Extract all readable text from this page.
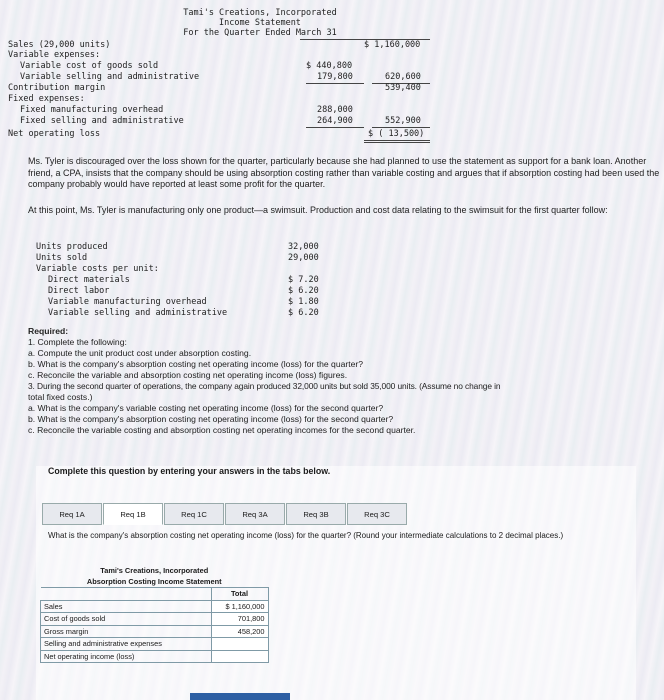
Tami's Creations, Incorporated
Income Statement
For the Quarter Ended March 31
Sales (29,000 units)	$ 1,160,000
Variable expenses:
Variable cost of goods sold	$ 440,800
Variable selling and administrative	179,800	620,600
Contribution margin	539,400
Fixed expenses:
Fixed manufacturing overhead	288,000
Fixed selling and administrative	264,900	552,900
Net operating loss	$ ( 13,500)
Ms. Tyler is discouraged over the loss shown for the quarter, particularly because she had planned to use the statement as support for a bank loan. Another friend, a CPA, insists that the company should be using absorption costing rather than variable costing and argues that if absorption costing had been used the company probably would have reported at least some profit for the quarter.
At this point, Ms. Tyler is manufacturing only one product—a swimsuit. Production and cost data relating to the swimsuit for the first quarter follow:
Units produced	32,000
Units sold	29,000
Variable costs per unit:
Direct materials	$ 7.20
Direct labor	$ 6.20
Variable manufacturing overhead	$ 1.80
Variable selling and administrative	$ 6.20
Required:
1. Complete the following:
a. Compute the unit product cost under absorption costing.
b. What is the company's absorption costing net operating income (loss) for the quarter?
c. Reconcile the variable and absorption costing net operating income (loss) figures.
3. During the second quarter of operations, the company again produced 32,000 units but sold 35,000 units. (Assume no change in
total fixed costs.)
a. What is the company's variable costing net operating income (loss) for the second quarter?
b. What is the company's absorption costing net operating income (loss) for the second quarter?
c. Reconcile the variable costing and absorption costing net operating incomes for the second quarter.
Complete this question by entering your answers in the tabs below.
Req 1A	Req 1B	Req 1C	Req 3A	Req 3B	Req 3C
What is the company's absorption costing net operating income (loss) for the quarter? (Round your intermediate calculations to 2 decimal places.)
Tami's Creations, Incorporated	
Absorption Costing Income Statement	
	Total
Sales	$ 1,160,000
Cost of goods sold	701,800
Gross margin	458,200
Selling and administrative expenses	
Net operating income (loss)	
